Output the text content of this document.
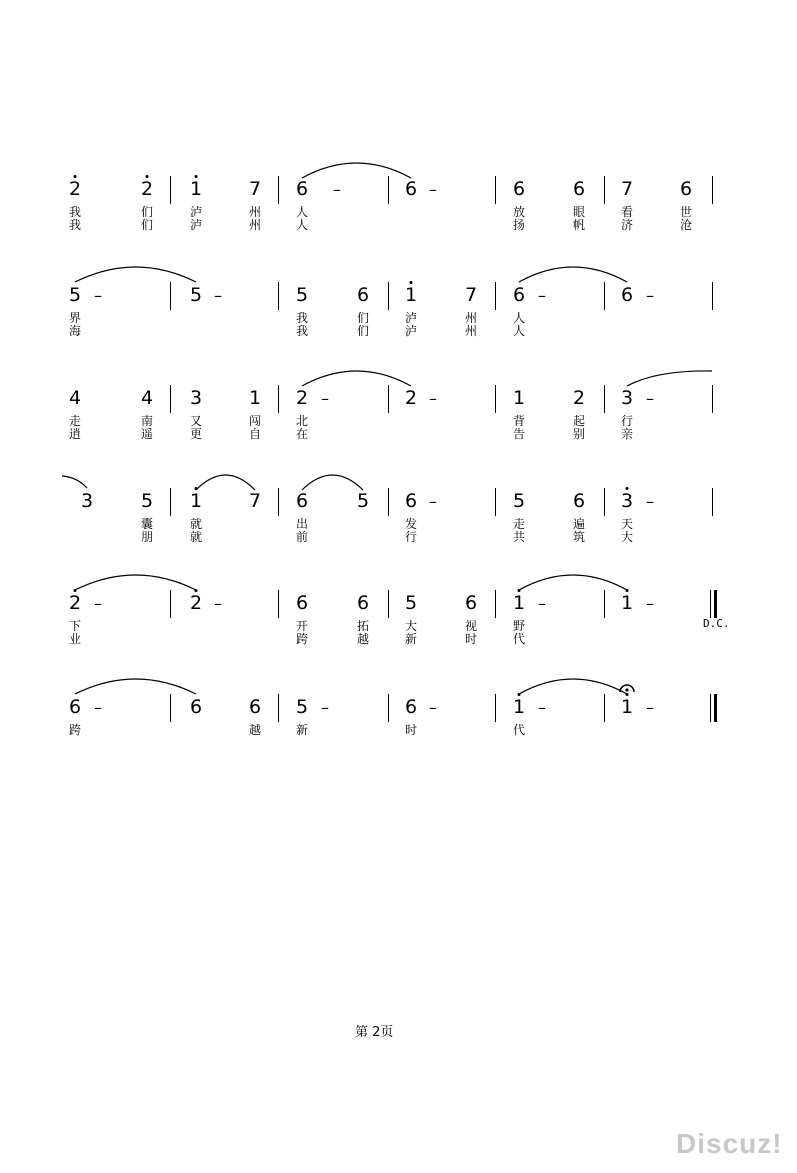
2	2 1 7 6 –	6 –	6	6 7 6
我	们	泸	州	人	放	眼	看	世
我	们	泸	州	人	扬	帆	济	沧
5 –	5 –	5	6 1	7 6 –	6 –
界	我	们	泸	州	人
海	我	们	泸	州	人
4	4 3 1 2 –	2 –	1	2 3 –
走	南	又	闯	北	背	起	行
逍	遥	更	自	在	告	别	亲
3	5 1 7 6	5 6 –	5	6 3 –
囊	就	出	发	走	遍	天
朋	就	前	行	共	筑	大
2 –	2 –	6	6 5	6 1 –	1 –
下	开	拓	大	视	野
业	跨	越	新	时	代
6 –	6 6 5 –	6 –	1 –	1 –
跨	越	新	时	代
D.C.
第 2页
Discuz!
